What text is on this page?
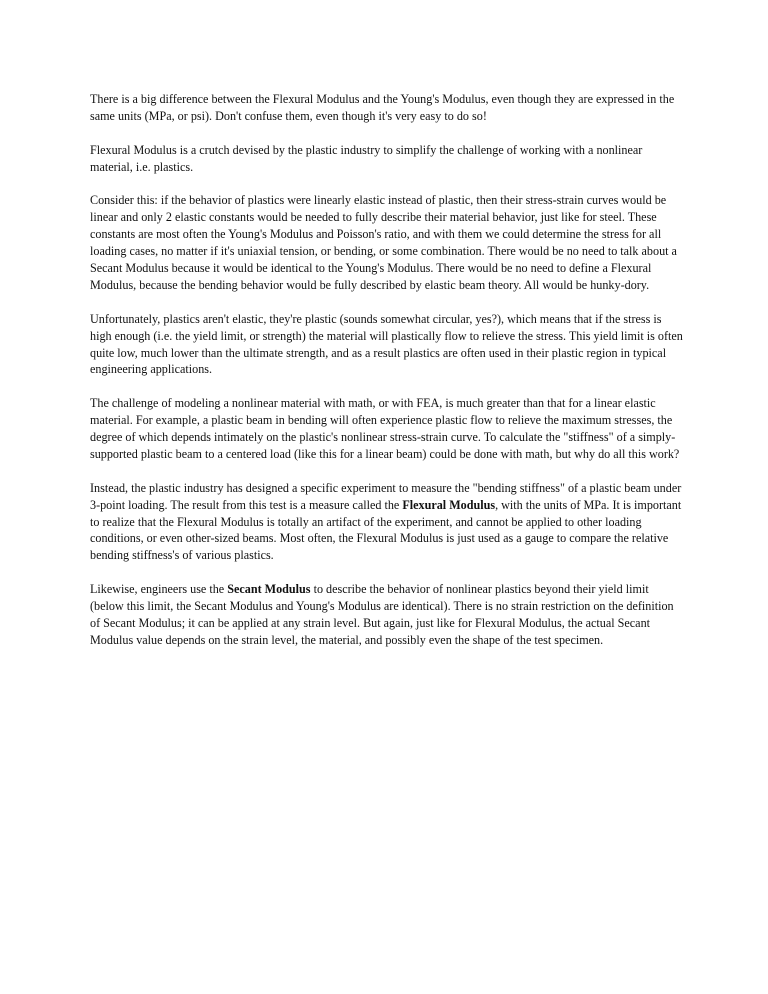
There is a big difference between the Flexural Modulus and the Young's Modulus, even though they are expressed in the same units (MPa, or psi). Don't confuse them, even though it's very easy to do so!

Flexural Modulus is a crutch devised by the plastic industry to simplify the challenge of working with a nonlinear material, i.e. plastics.

Consider this: if the behavior of plastics were linearly elastic instead of plastic, then their stress-strain curves would be linear and only 2 elastic constants would be needed to fully describe their material behavior, just like for steel. These constants are most often the Young's Modulus and Poisson's ratio, and with them we could determine the stress for all loading cases, no matter if it's uniaxial tension, or bending, or some combination. There would be no need to talk about a Secant Modulus because it would be identical to the Young's Modulus. There would be no need to define a Flexural Modulus, because the bending behavior would be fully described by elastic beam theory. All would be hunky-dory.

Unfortunately, plastics aren't elastic, they're plastic (sounds somewhat circular, yes?), which means that if the stress is high enough (i.e. the yield limit, or strength) the material will plastically flow to relieve the stress. This yield limit is often quite low, much lower than the ultimate strength, and as a result plastics are often used in their plastic region in typical engineering applications.

The challenge of modeling a nonlinear material with math, or with FEA, is much greater than that for a linear elastic material. For example, a plastic beam in bending will often experience plastic flow to relieve the maximum stresses, the degree of which depends intimately on the plastic's nonlinear stress-strain curve. To calculate the "stiffness" of a simply-supported plastic beam to a centered load (like this for a linear beam) could be done with math, but why do all this work?

Instead, the plastic industry has designed a specific experiment to measure the "bending stiffness" of a plastic beam under 3-point loading. The result from this test is a measure called the Flexural Modulus, with the units of MPa. It is important to realize that the Flexural Modulus is totally an artifact of the experiment, and cannot be applied to other loading conditions, or even other-sized beams. Most often, the Flexural Modulus is just used as a gauge to compare the relative bending stiffness's of various plastics.

Likewise, engineers use the Secant Modulus to describe the behavior of nonlinear plastics beyond their yield limit (below this limit, the Secant Modulus and Young's Modulus are identical). There is no strain restriction on the definition of Secant Modulus; it can be applied at any strain level. But again, just like for Flexural Modulus, the actual Secant Modulus value depends on the strain level, the material, and possibly even the shape of the test specimen.
